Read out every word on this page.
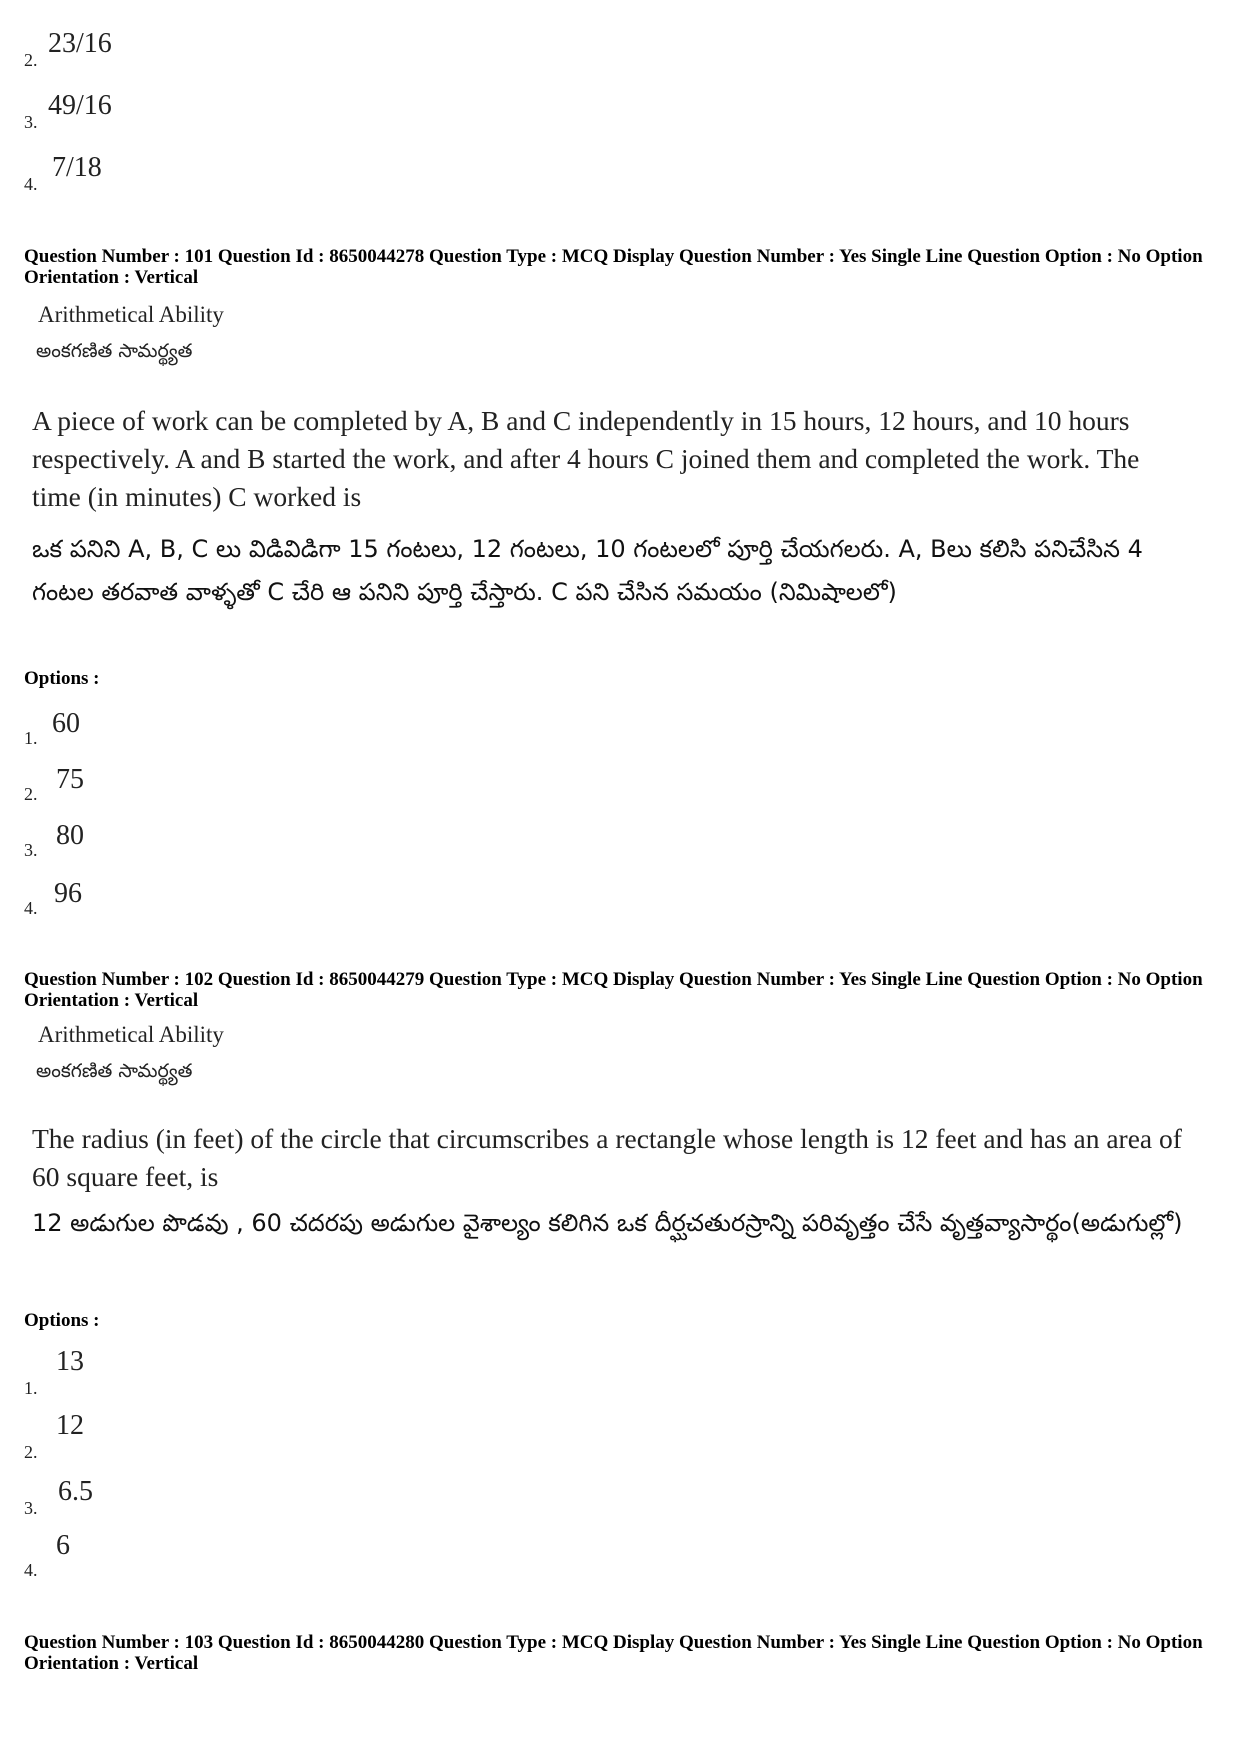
2.
23/16
3.
49/16
4.
7/18
Question Number : 101 Question Id : 8650044278 Question Type : MCQ Display Question Number : Yes Single Line Question Option : No Option Orientation : Vertical
Arithmetical Ability
అంకగణిత సామర్థ్యత
A piece of work can be completed by A, B and C independently in 15 hours, 12 hours, and 10 hours respectively. A and B started the work, and after 4 hours C joined them and completed the work. The time (in minutes) C worked is
ఒక పనిని A, B, C లు విడివిడిగా 15 గంటలు, 12 గంటలు, 10 గంటలలో పూర్తి చేయగలరు. A, Bలు కలిసి పనిచేసిన 4 గంటల తరవాత వాళ్ళతో C చేరి ఆ పనిని పూర్తి చేస్తారు. C పని చేసిన సమయం (నిమిషాలలో)
Options :
1. 60
2. 75
3. 80
4. 96
Question Number : 102 Question Id : 8650044279 Question Type : MCQ Display Question Number : Yes Single Line Question Option : No Option Orientation : Vertical
Arithmetical Ability
అంకగణిత సామర్థ్యత
The radius (in feet) of the circle that circumscribes a rectangle whose length is 12 feet and has an area of 60 square feet, is
12 అడుగుల పొడవు , 60 చదరపు అడుగుల వైశాల్యం కలిగిన ఒక దీర్ఘచతురస్రాన్ని పరివృత్తం చేసే వృత్తవ్యాసార్థం(అడుగుల్లో)
Options :
1.
13
2.
12
3.
6.5
4.
6
Question Number : 103 Question Id : 8650044280 Question Type : MCQ Display Question Number : Yes Single Line Question Option : No Option Orientation : Vertical
